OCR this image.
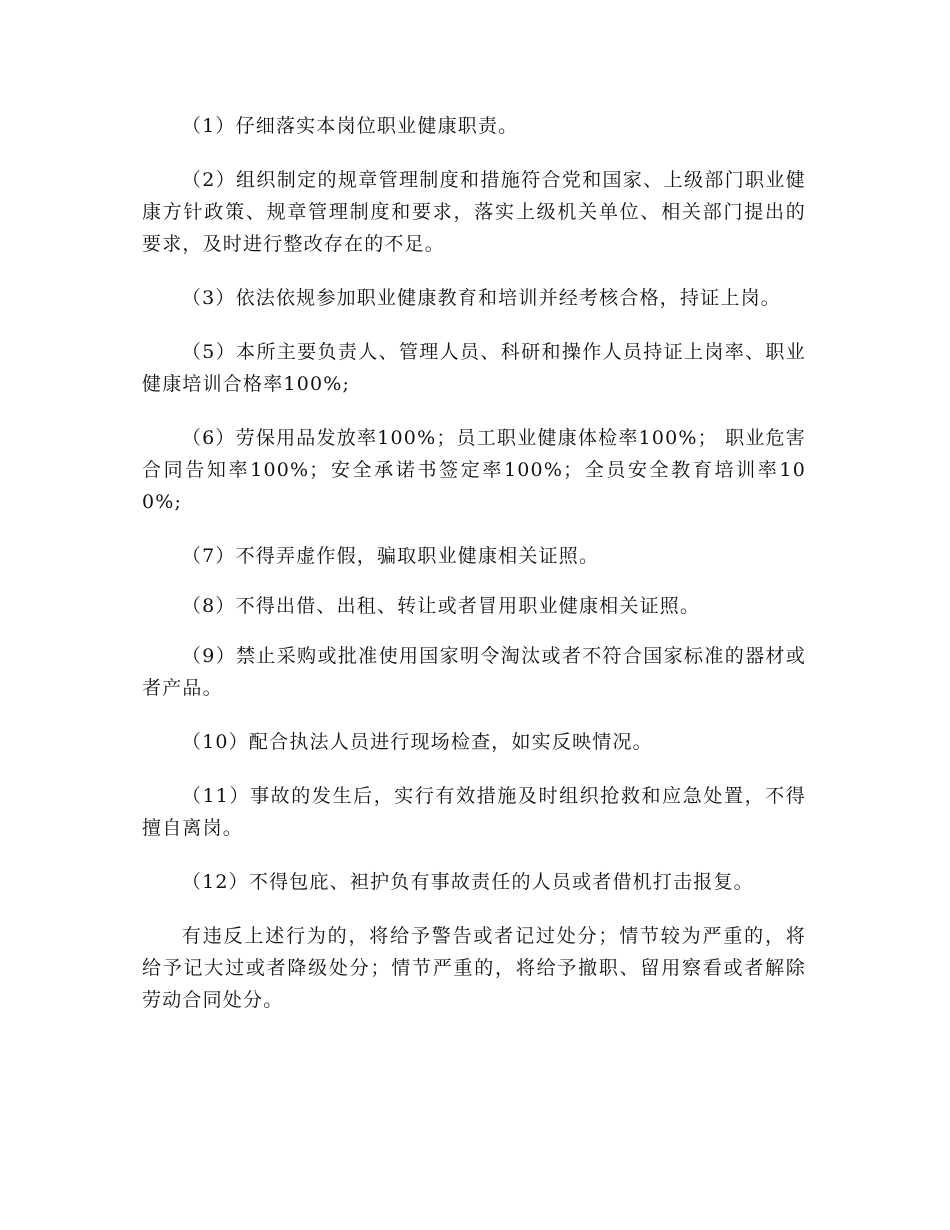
（1）仔细落实本岗位职业健康职责。

（2）组织制定的规章管理制度和措施符合党和国家、上级部门职业健康方针政策、规章管理制度和要求，落实上级机关单位、相关部门提出的要求，及时进行整改存在的不足。

（3）依法依规参加职业健康教育和培训并经考核合格，持证上岗。

（5）本所主要负责人、管理人员、科研和操作人员持证上岗率、职业健康培训合格率100%;

（6）劳保用品发放率100%；员工职业健康体检率100%； 职业危害合同告知率100%；安全承诺书签定率100%；全员安全教育培训率100%;

（7）不得弄虚作假，骗取职业健康相关证照。

（8）不得出借、出租、转让或者冒用职业健康相关证照。

（9）禁止采购或批准使用国家明令淘汰或者不符合国家标准的器材或者产品。

（10）配合执法人员进行现场检查，如实反映情况。

（11）事故的发生后，实行有效措施及时组织抢救和应急处置，不得擅自离岗。

（12）不得包庇、袒护负有事故责任的人员或者借机打击报复。

有违反上述行为的，将给予警告或者记过处分；情节较为严重的，将给予记大过或者降级处分；情节严重的，将给予撤职、留用察看或者解除劳动合同处分。
